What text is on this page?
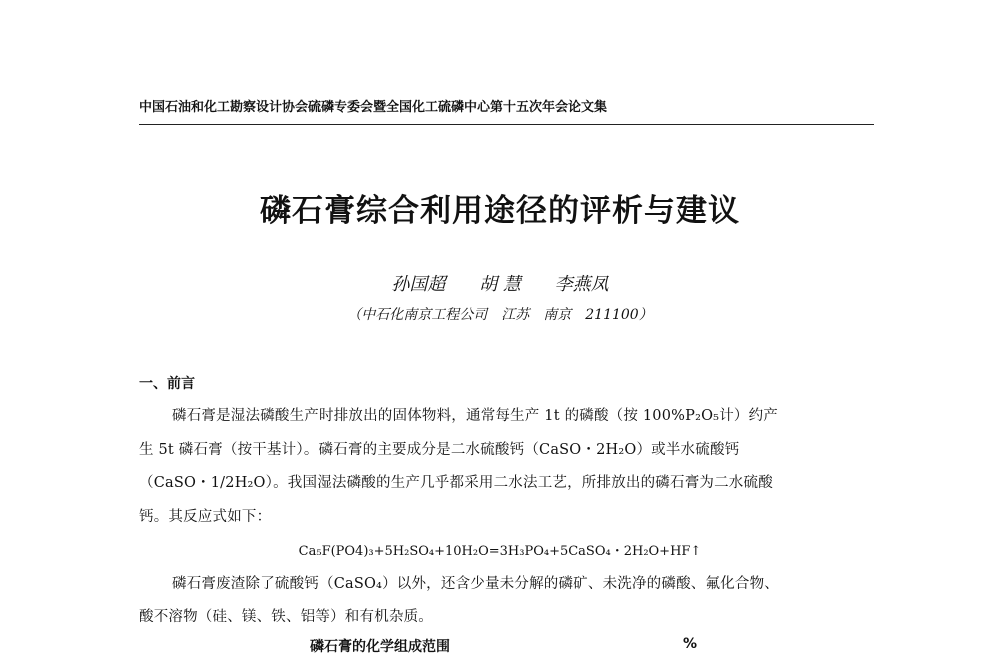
中国石油和化工勘察设计协会硫磷专委会暨全国化工硫磷中心第十五次年会论文集
磷石膏综合利用途径的评析与建议
孙国超 胡 慧 李燕凤
（中石化南京工程公司　江苏　南京　211100）
一、前言
磷石膏是湿法磷酸生产时排放出的固体物料，通常每生产 1t 的磷酸（按 100%P₂O₅计）约产
生 5t 磷石膏（按干基计）。磷石膏的主要成分是二水硫酸钙（CaSO・2H₂O）或半水硫酸钙
（CaSO・1/2H₂O）。我国湿法磷酸的生产几乎都采用二水法工艺，所排放出的磷石膏为二水硫酸
钙。其反应式如下：
Ca₅F(PO4)₃+5H₂SO₄+10H₂O=3H₃PO₄+5CaSO₄・2H₂O+HF↑
磷石膏废渣除了硫酸钙（CaSO₄）以外，还含少量未分解的磷矿、未洗净的磷酸、氟化合物、
酸不溶物（硅、镁、铁、铝等）和有机杂质。
磷石膏的化学组成范围	%
